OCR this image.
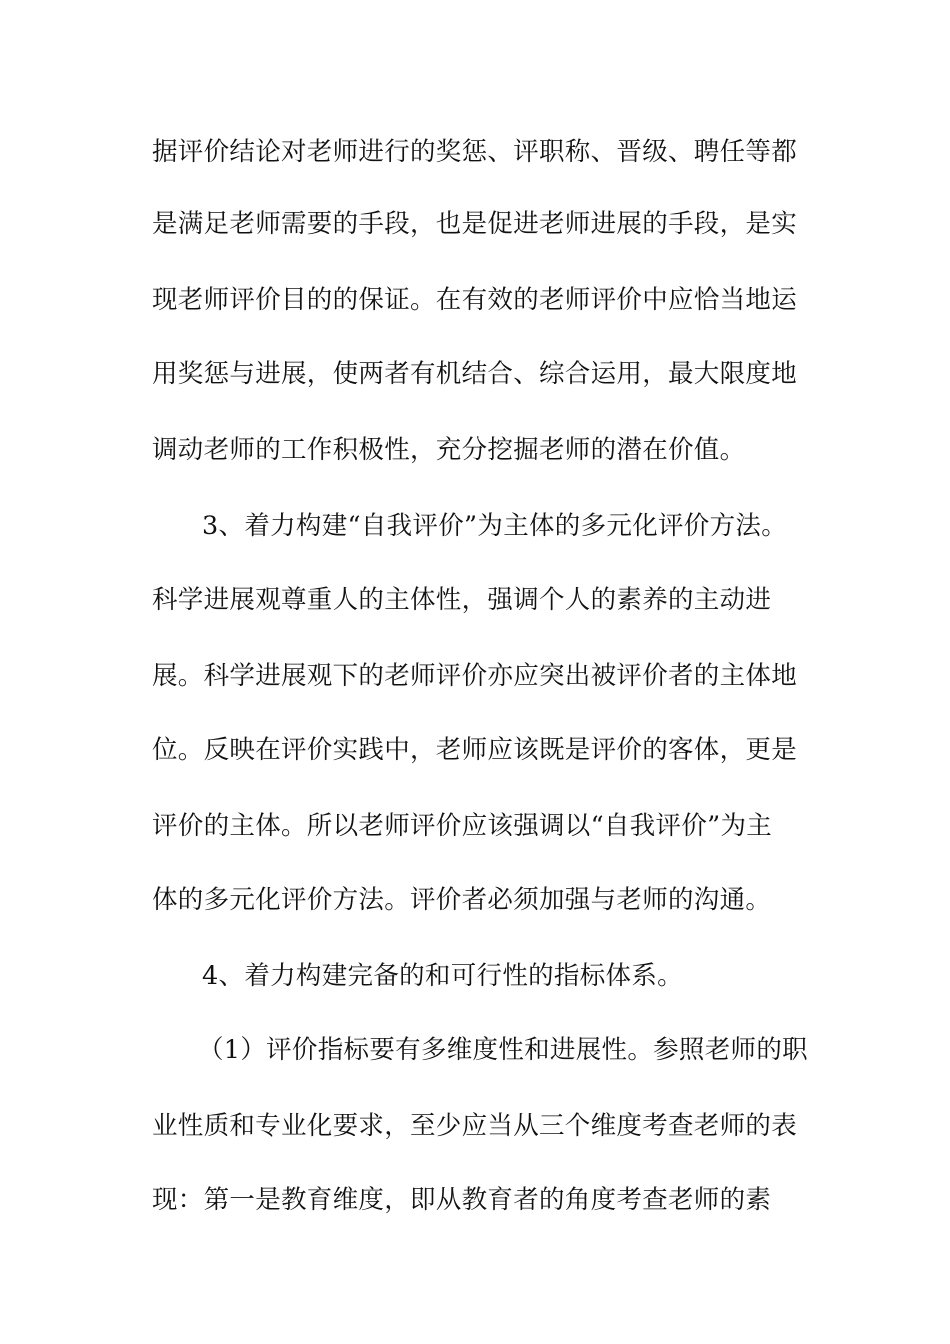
据评价结论对老师进行的奖惩、评职称、晋级、聘任等都
是满足老师需要的手段，也是促进老师进展的手段，是实
现老师评价目的的保证。在有效的老师评价中应恰当地运
用奖惩与进展，使两者有机结合、综合运用，最大限度地
调动老师的工作积极性，充分挖掘老师的潜在价值。
3、着力构建“自我评价”为主体的多元化评价方法。
科学进展观尊重人的主体性，强调个人的素养的主动进
展。科学进展观下的老师评价亦应突出被评价者的主体地
位。反映在评价实践中，老师应该既是评价的客体，更是
评价的主体。所以老师评价应该强调以“自我评价”为主
体的多元化评价方法。评价者必须加强与老师的沟通。
4、着力构建完备的和可行性的指标体系。
（1）评价指标要有多维度性和进展性。参照老师的职
业性质和专业化要求，至少应当从三个维度考查老师的表
现：第一是教育维度，即从教育者的角度考查老师的素
